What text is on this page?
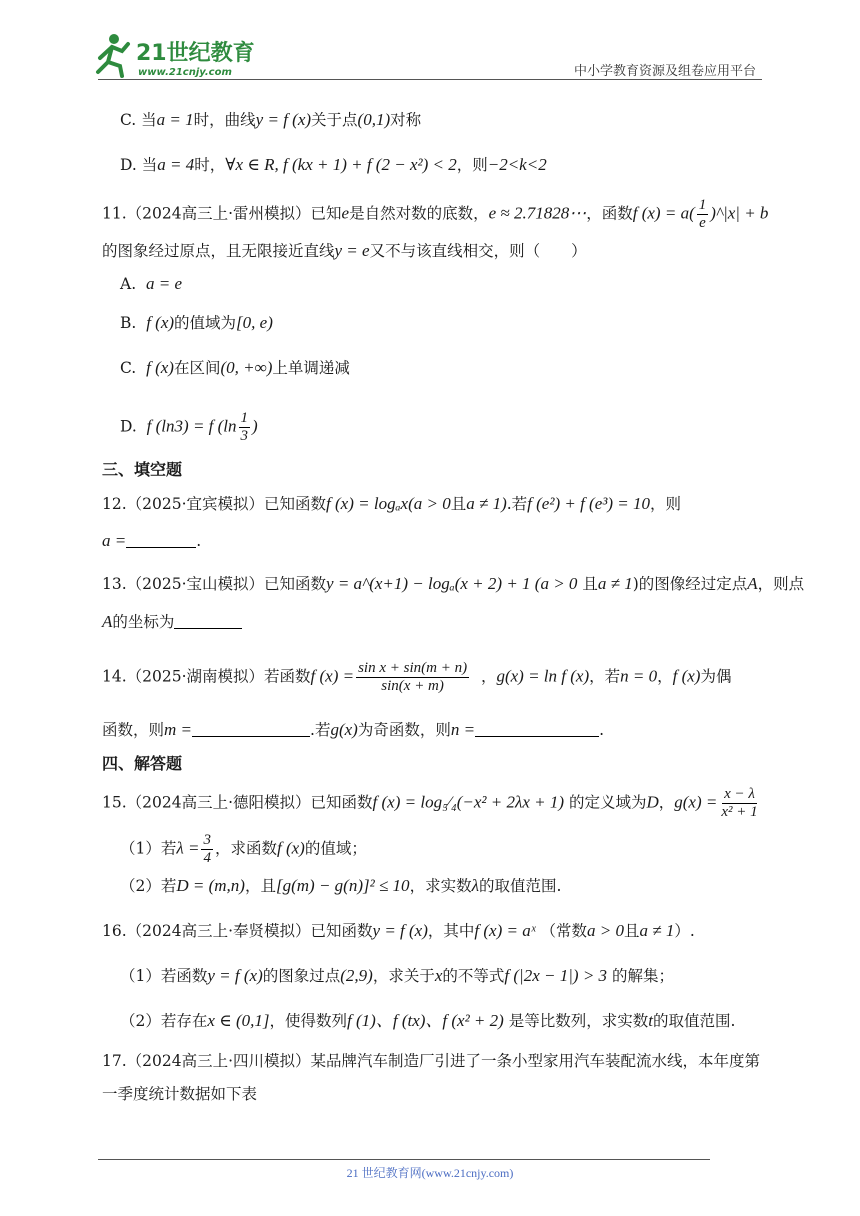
21世纪教育
www.21cnjy.com	中小学教育资源及组卷应用平台
C. 当a = 1时，曲线y = f (x)关于点(0,1)对称
D. 当a = 4时，∀x ∈ R, f (kx + 1) + f (2 − x²) < 2，则−2<k<2
11.（2024高三上·雷州模拟）已知e是自然对数的底数，e ≈ 2.71828⋯，函数f $(x) = a( \frac{1}{e}$ )^|x| + b
的图象经过原点，且无限接近直线y = e又不与该直线相交，则（　　）
A. a = e
B. f (x)的值域为[0, e)
C. f (x)在区间(0, +∞)上单调递减
D. f (ln3) = f ($\ln \frac{1}{3}$ )
三、填空题
12.（2025·宜宾模拟）已知函数f (x) = logₐx(a > 0且a ≠ 1).若f (e²) + f (e³) = 10，则
a =	.
13.（2025·宝山模拟）已知函数y = a^(x+1) − logₐ(x + 2) + 1 (a > 0 且a ≠ 1)的图像经过定点A，则点
A的坐标为
14.（2025·湖南模拟）若函数f $(x) = \frac{\text{sin x + sin(m + n)}}{\sin(x + m)}$ ，g(x) = ln f (x)，若n = 0，f (x)为偶
函数，则m =	.若g(x)为奇函数，则n =	.
四、解答题
15.（2024高三上·德阳模拟）已知函数f (x) = log₅⁄₄(−x² + 2λx + 1) 的定义域为D，$g(x) = \frac{x - \lambda}{\text{x² + 1}}$
（1）若$\lambda = \frac{3}{4}$ ，求函数f (x)的值域；
（2）若D = (m,n)，且[g(m) − g(n)]² ≤ 10，求实数λ的取值范围.
16.（2024高三上·奉贤模拟）已知函数y = f (x)，其中f (x) = aˣ （常数a > 0且a ≠ 1）.
（1）若函数y = f (x)的图象过点(2,9)，求关于x的不等式f (|2x − 1|) > 3 的解集；
（2）若存在x ∈ (0,1]，使得数列f (1)、f (tx)、f (x² + 2) 是等比数列，求实数t的取值范围.
17.（2024高三上·四川模拟）某品牌汽车制造厂引进了一条小型家用汽车装配流水线，本年度第
一季度统计数据如下表
21 世纪教育网(www.21cnjy.com)
